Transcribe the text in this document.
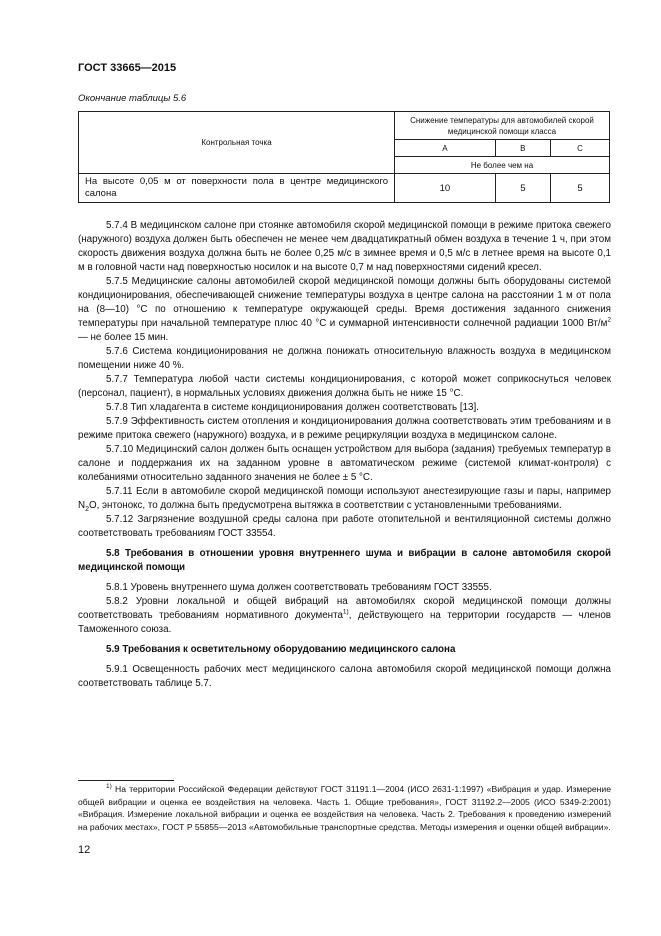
ГОСТ 33665—2015
Окончание таблицы 5.6
Контрольная точка	Снижение температуры для автомобилей скорой медицинской помощи класса		
	A	B	C
	Не более чем на		
На высоте 0,05 м от поверхности пола в центре медицинского салона	10	5	5

5.7.4 В медицинском салоне при стоянке автомобиля скорой медицинской помощи в режиме притока свежего (наружного) воздуха должен быть обеспечен не менее чем двадцатикратный обмен воздуха в течение 1 ч, при этом скорость движения воздуха должна быть не более 0,25 м/с в зимнее время и 0,5 м/с в летнее время на высоте 0,1 м в головной части над поверхностью носилок и на высоте 0,7 м над поверхностями сидений кресел.

5.7.5 Медицинские салоны автомобилей скорой медицинской помощи должны быть оборудованы системой кондиционирования, обеспечивающей снижение температуры воздуха в центре салона на расстоянии 1 м от пола на (8—10) °С по отношению к температуре окружающей среды. Время достижения заданного снижения температуры при начальной температуре плюс 40 °С и суммарной интенсивности солнечной радиации 1000 $Вт/м^2$ — не более 15 мин.

5.7.6 Система кондиционирования не должна понижать относительную влажность воздуха в медицинском помещении ниже 40 %.

5.7.7 Температура любой части системы кондиционирования, с которой может соприкоснуться человек (персонал, пациент), в нормальных условиях движения должна быть не ниже 15 °С.

5.7.8 Тип хладагента в системе кондиционирования должен соответствовать [13].

5.7.9 Эффективность систем отопления и кондиционирования должна соответствовать этим требованиям и в режиме притока свежего (наружного) воздуха, и в режиме рециркуляции воздуха в медицинском салоне.

5.7.10 Медицинский салон должен быть оснащен устройством для выбора (задания) требуемых температур в салоне и поддержания их на заданном уровне в автоматическом режиме (системой климат-контроля) с колебаниями относительно заданного значения не более ± 5 °С.

5.7.11 Если в автомобиле скорой медицинской помощи используют анестезирующие газы и пары, например $N_2О$, энтонокс, то должна быть предусмотрена вытяжка в соответствии с установленными требованиями.

5.7.12 Загрязнение воздушной среды салона при работе отопительной и вентиляционной системы должно соответствовать требованиям ГОСТ 33554.

5.8 Требования в отношении уровня внутреннего шума и вибрации в салоне автомобиля скорой медицинской помощи

5.8.1 Уровень внутреннего шума должен соответствовать требованиям ГОСТ 33555.

5.8.2 Уровни локальной и общей вибраций на автомобилях скорой медицинской помощи должны соответствовать требованиям нормативного документа$^{1)}$, действующего на территории государств — членов Таможенного союза.

5.9 Требования к осветительному оборудованию медицинского салона

5.9.1 Освещенность рабочих мест медицинского салона автомобиля скорой медицинской помощи должна соответствовать таблице 5.7.

$^{1)}$ На территории Российской Федерации действуют ГОСТ 31191.1—2004 (ИСО 2631-1:1997) «Вибрация и удар. Измерение общей вибрации и оценка ее воздействия на человека. Часть 1. Общие требования», ГОСТ 31192.2—2005 (ИСО 5349-2:2001) «Вибрация. Измерение локальной вибрации и оценка ее воздействия на человека. Часть 2. Требования к проведению измерений на рабочих местах», ГОСТ Р 55855—2013 «Автомобильные транспортные средства. Методы измерения и оценки общей вибрации».
12
